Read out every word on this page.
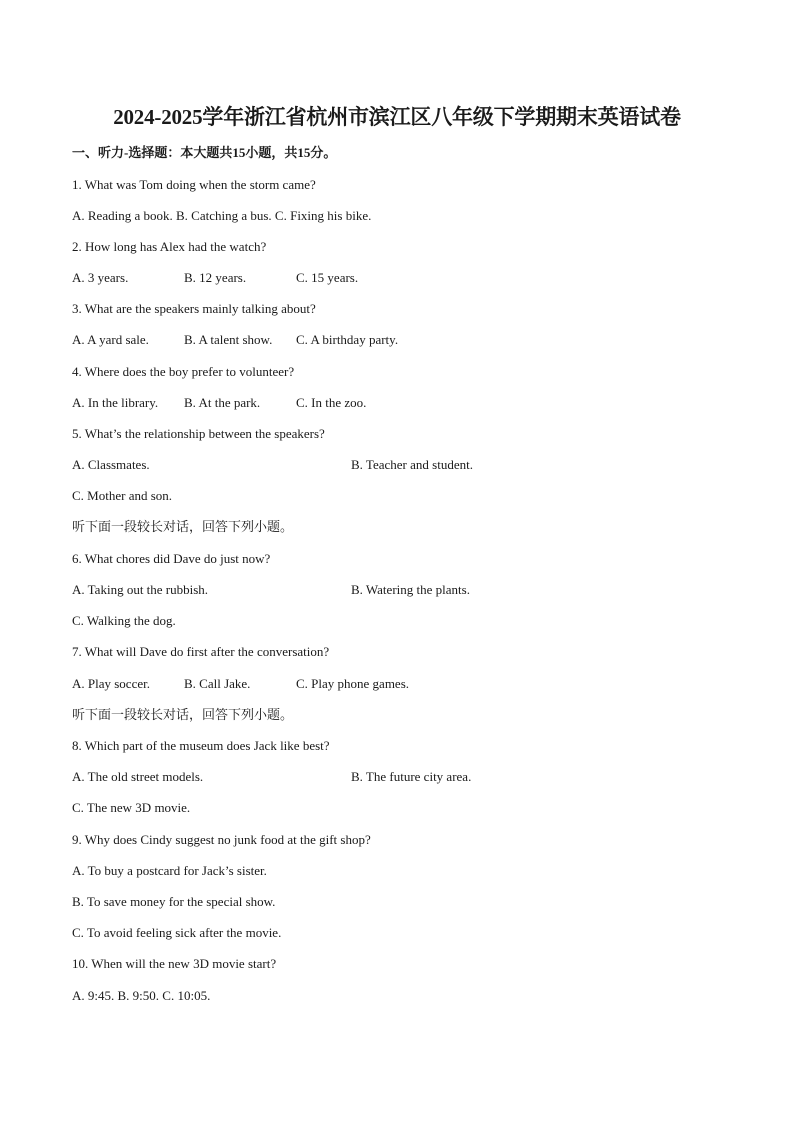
2024-2025学年浙江省杭州市滨江区八年级下学期期末英语试卷
一、听力-选择题：本大题共15小题，共15分。
1. What was Tom doing when the storm came?
A. Reading a book. B. Catching a bus. C. Fixing his bike.
2. How long has Alex had the watch?
A. 3 years.	B. 12 years.	C. 15 years.
3. What are the speakers mainly talking about?
A. A yard sale.	B. A talent show. C. A birthday party.
4. Where does the boy prefer to volunteer?
A. In the library. B. At the park.	C. In the zoo.
5. What’s the relationship between the speakers?
A. Classmates.	B. Teacher and student.
C. Mother and son.
听下面一段较长对话，回答下列小题。
6. What chores did Dave do just now?
A. Taking out the rubbish.	B. Watering the plants.
C. Walking the dog.
7. What will Dave do first after the conversation?
A. Play soccer.	B. Call Jake.	C. Play phone games.
听下面一段较长对话，回答下列小题。
8. Which part of the museum does Jack like best?
A. The old street models.	B. The future city area.
C. The new 3D movie.
9. Why does Cindy suggest no junk food at the gift shop?
A. To buy a postcard for Jack’s sister.
B. To save money for the special show.
C. To avoid feeling sick after the movie.
10. When will the new 3D movie start?
A. 9:45. B. 9:50. C. 10:05.
